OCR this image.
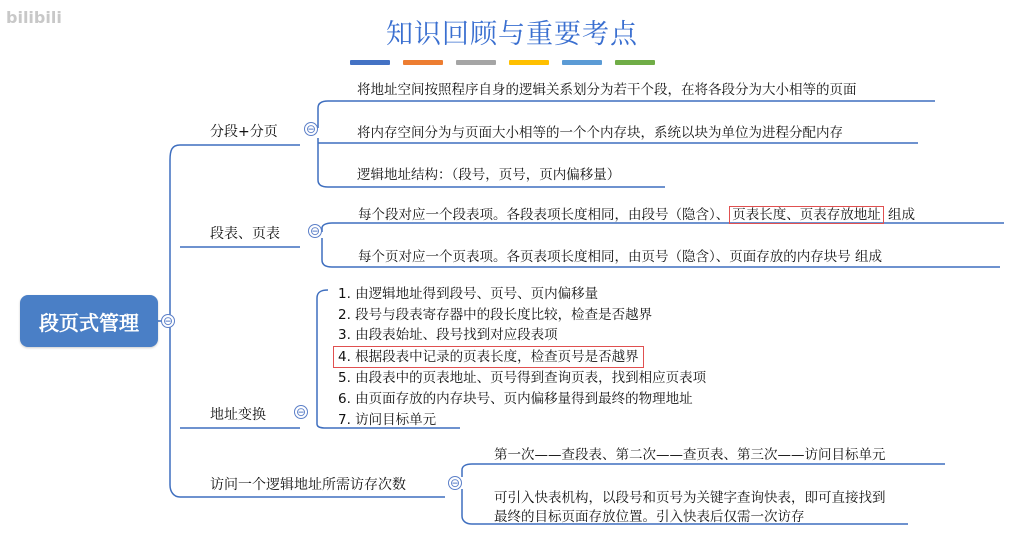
bilibili
知识回顾与重要考点
段页式管理	⊖
分段+分页 ⊖
将地址空间按照程序自身的逻辑关系划分为若干个段，在将各段分为大小相等的页面
将内存空间分为与页面大小相等的一个个内存块，系统以块为单位为进程分配内存
逻辑地址结构：（段号，页号，页内偏移量）
段表、页表 ⊖
每个段对应一个段表项。各段表项长度相同，由段号（隐含）、 页表长度、页表存放地址 组成
每个页对应一个页表项。各页表项长度相同，由页号（隐含）、页面存放的内存块号 组成
地址变换 ⊖
1. 由逻辑地址得到段号、页号、页内偏移量
2. 段号与段表寄存器中的段长度比较，检查是否越界
3. 由段表始址、段号找到对应段表项
4. 根据段表中记录的页表长度，检查页号是否越界
5. 由段表中的页表地址、页号得到查询页表，找到相应页表项
6. 由页面存放的内存块号、页内偏移量得到最终的物理地址
7. 访问目标单元
访问一个逻辑地址所需访存次数	⊖
第一次——查段表、第二次——查页表、第三次——访问目标单元
可引入快表机构，以段号和页号为关键字查询快表，即可直接找到
最终的目标页面存放位置。引入快表后仅需一次访存
